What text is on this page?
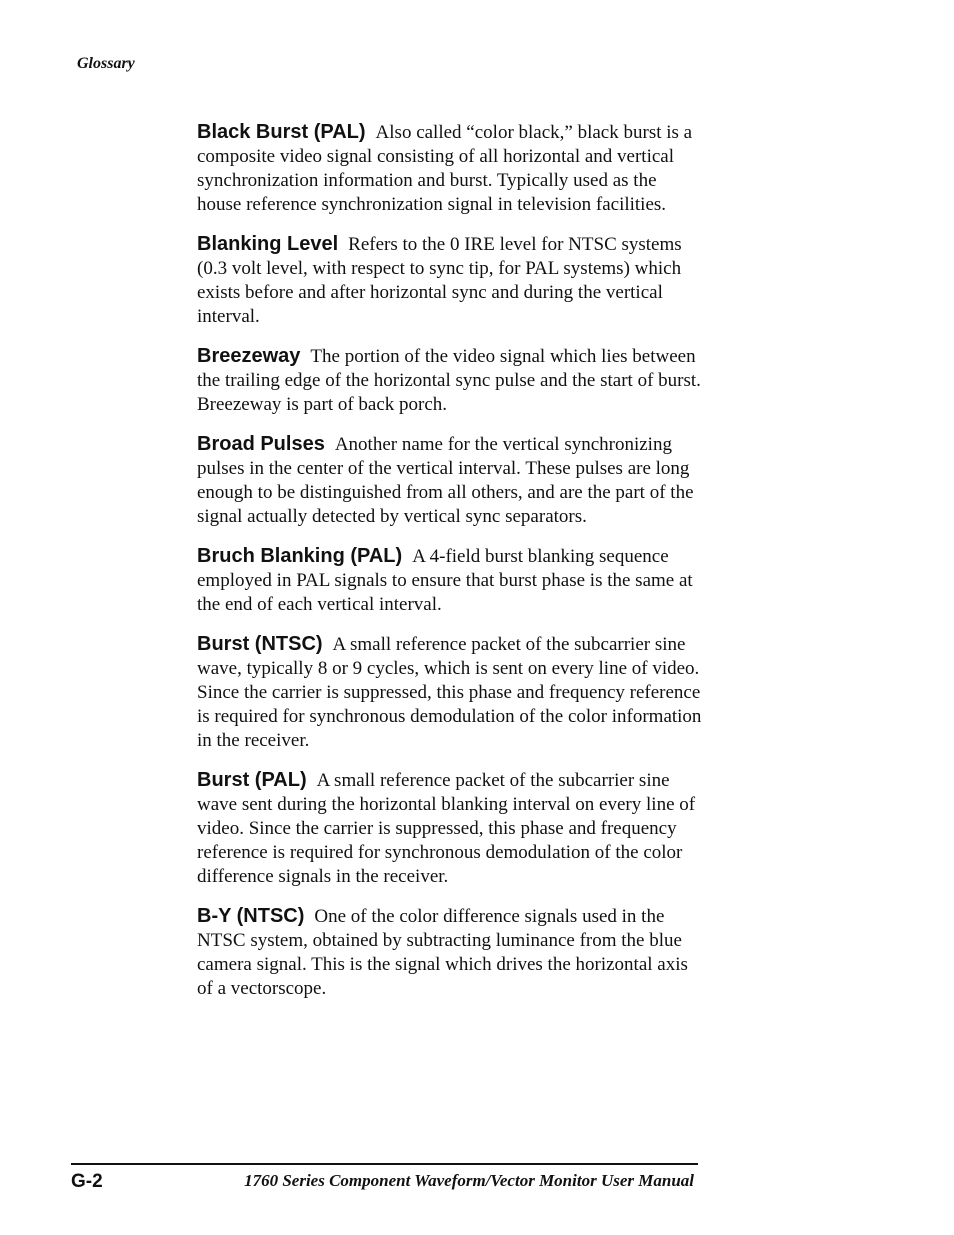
Glossary

Black Burst (PAL) Also called “color black,” black burst is a composite video signal consisting of all horizontal and vertical synchronization information and burst. Typically used as the house reference synchronization signal in television facilities.

Blanking Level Refers to the 0 IRE level for NTSC systems (0.3 volt level, with respect to sync tip, for PAL systems) which exists before and after horizontal sync and during the vertical interval.

Breezeway The portion of the video signal which lies between the trailing edge of the horizontal sync pulse and the start of burst. Breezeway is part of back porch.

Broad Pulses Another name for the vertical synchronizing pulses in the center of the vertical interval. These pulses are long enough to be distinguished from all others, and are the part of the signal actually detected by vertical sync separators.

Bruch Blanking (PAL) A 4-field burst blanking sequence employed in PAL signals to ensure that burst phase is the same at the end of each vertical interval.

Burst (NTSC) A small reference packet of the subcarrier sine wave, typically 8 or 9 cycles, which is sent on every line of video. Since the carrier is suppressed, this phase and frequency reference is required for synchronous demodulation of the color information in the receiver.

Burst (PAL) A small reference packet of the subcarrier sine wave sent during the horizontal blanking interval on every line of video. Since the carrier is suppressed, this phase and frequency reference is required for synchronous demodulation of the color difference signals in the receiver.

B-Y (NTSC) One of the color difference signals used in the NTSC system, obtained by subtracting luminance from the blue camera signal. This is the signal which drives the horizontal axis of a vectorscope.

G-2	1760 Series Component Waveform/Vector Monitor User Manual
